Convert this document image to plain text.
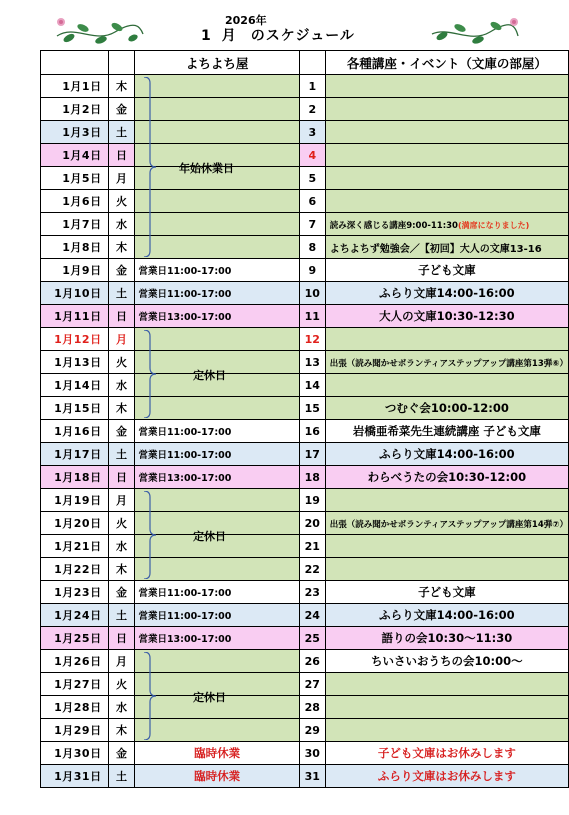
2026年
1 月 のスケジュール
		よちよち屋		各種講座・イベント（文庫の部屋）
1月1日	木		1	
1月2日	金		2	
1月3日	土		3	
1月4日	日		4	
1月5日	月		5	
1月6日	火		6	
1月7日	水		7	読み深く感じる講座9:00-11:30(満席になりました)
1月8日	木		8	よちよちず勉強会／【初回】大人の文庫13-16
1月9日	金	営業日11:00-17:00	9	子ども文庫
1月10日	土	営業日11:00-17:00	10	ふらり文庫14:00-16:00
1月11日	日	営業日13:00-17:00	11	大人の文庫10:30-12:30
1月12日	月		12	
1月13日	火		13	出張（読み聞かせボランティアステップアップ講座第13弾⑥）
1月14日	水		14	
1月15日	木		15	つむぐ会10:00-12:00
1月16日	金	営業日11:00-17:00	16	岩橋亜希菜先生連続講座 子ども文庫
1月17日	土	営業日11:00-17:00	17	ふらり文庫14:00-16:00
1月18日	日	営業日13:00-17:00	18	わらべうたの会10:30-12:00
1月19日	月		19	
1月20日	火		20	出張（読み聞かせボランティアステップアップ講座第14弾⑦）
1月21日	水		21	
1月22日	木		22	
1月23日	金	営業日11:00-17:00	23	子ども文庫
1月24日	土	営業日11:00-17:00	24	ふらり文庫14:00-16:00
1月25日	日	営業日13:00-17:00	25	語りの会10:30～11:30
1月26日	月		26	ちいさいおうちの会10:00～
1月27日	火		27	
1月28日	水		28	
1月29日	木		29	
1月30日	金	臨時休業	30	子ども文庫はお休みします
1月31日	土	臨時休業	31	ふらり文庫はお休みします
年始休業日
定休日
定休日
定休日
